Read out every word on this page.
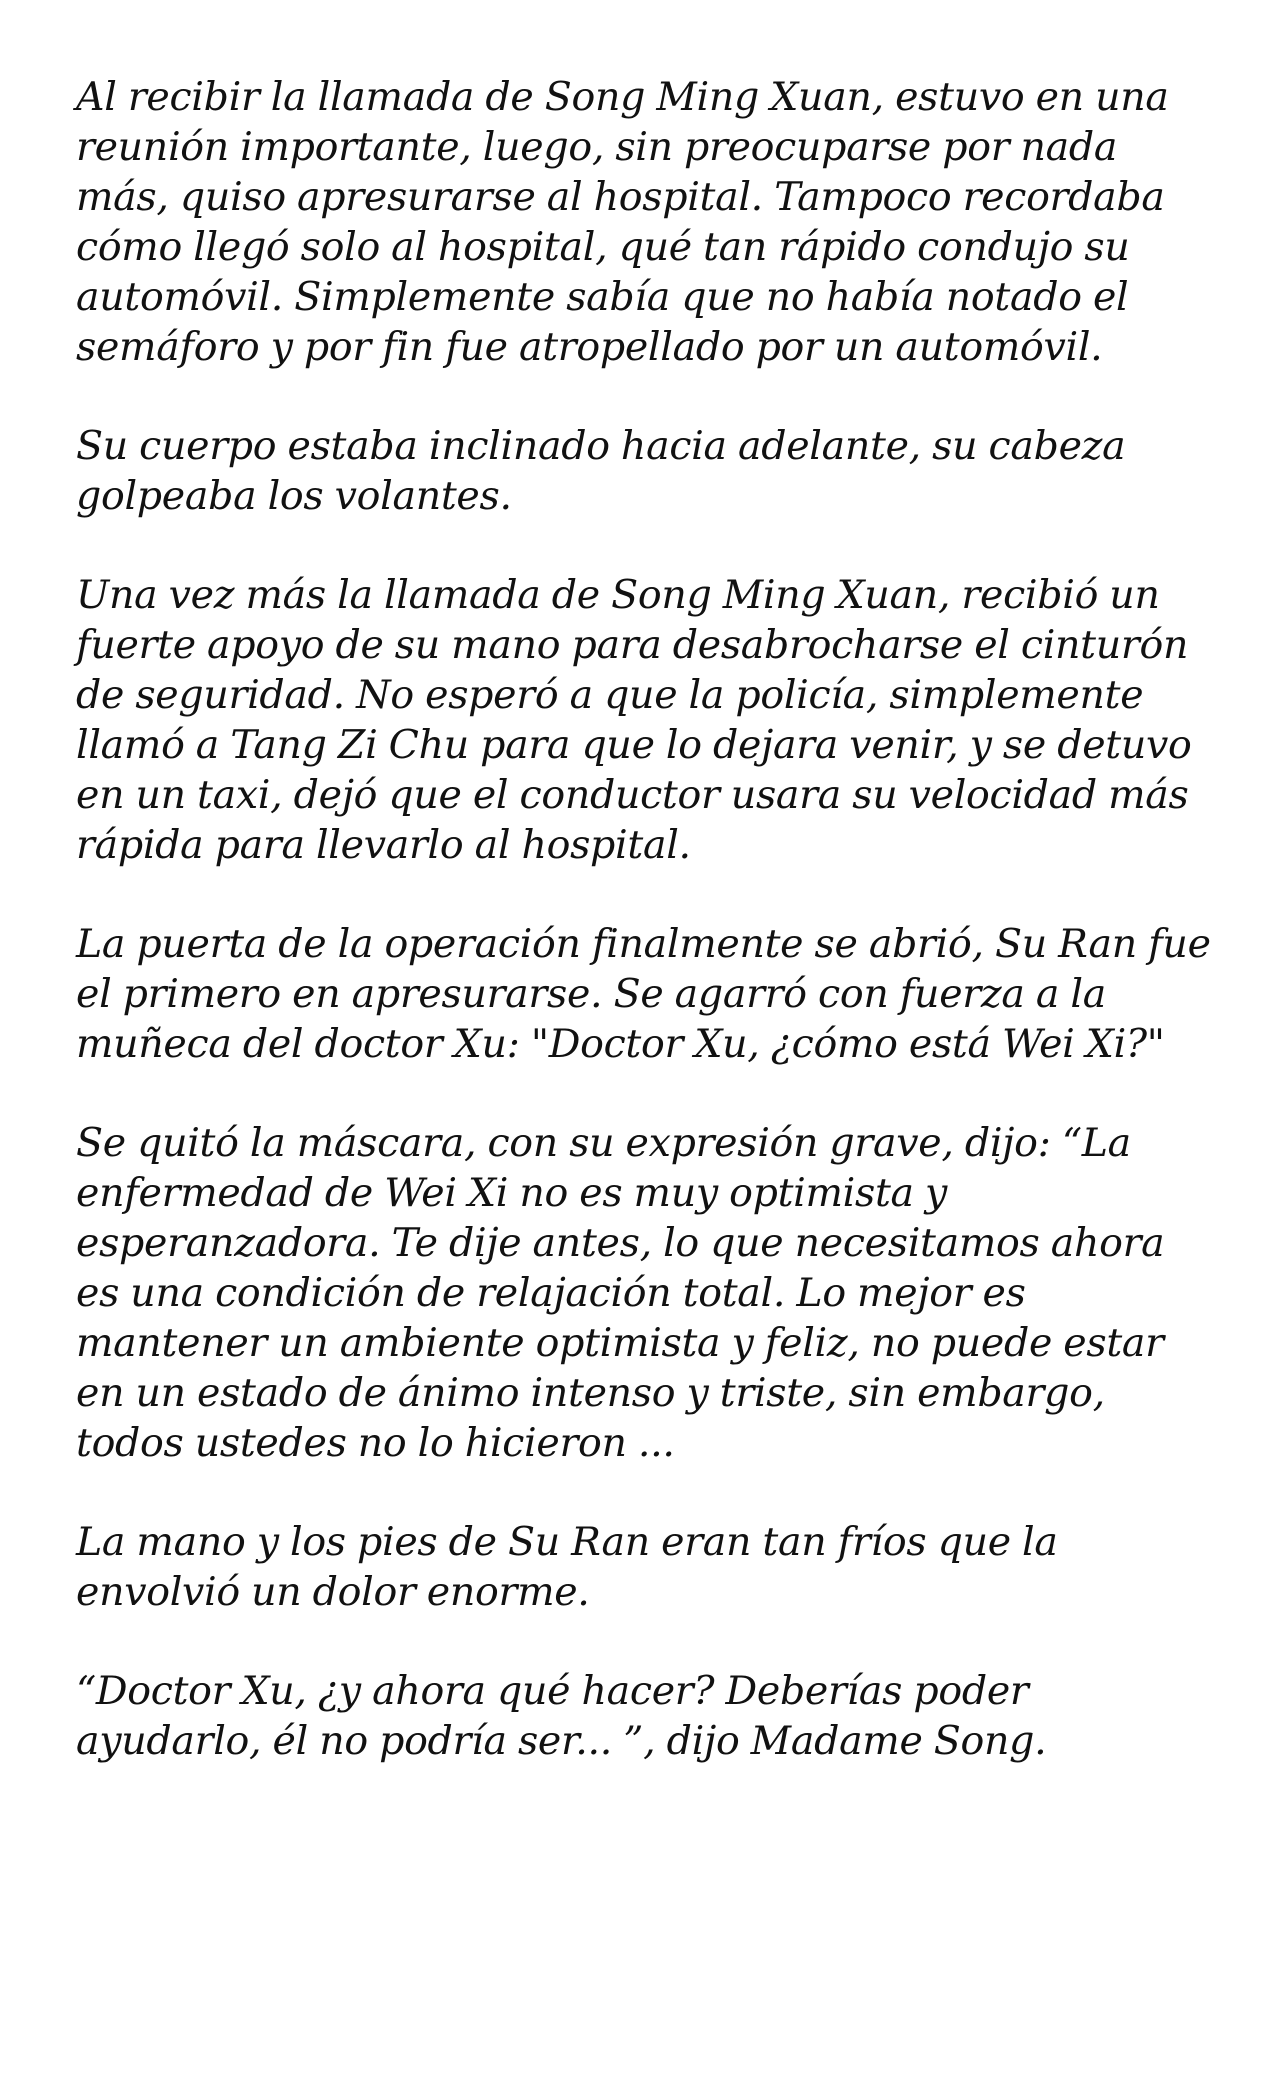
Al recibir la llamada de Song Ming Xuan, estuvo en una reunión importante, luego, sin preocuparse por nada más, quiso apresurarse al hospital. Tampoco recordaba cómo llegó solo al hospital, qué tan rápido condujo su automóvil. Simplemente sabía que no había notado el semáforo y por fin fue atropellado por un automóvil.

Su cuerpo estaba inclinado hacia adelante, su cabeza golpeaba los volantes.

Una vez más la llamada de Song Ming Xuan, recibió un fuerte apoyo de su mano para desabrocharse el cinturón de seguridad. No esperó a que la policía, simplemente llamó a Tang Zi Chu para que lo dejara venir, y se detuvo en un taxi, dejó que el conductor usara su velocidad más rápida para llevarlo al hospital.

La puerta de la operación finalmente se abrió, Su Ran fue el primero en apresurarse. Se agarró con fuerza a la muñeca del doctor Xu: "Doctor Xu, ¿cómo está Wei Xi?"

Se quitó la máscara, con su expresión grave, dijo: “La enfermedad de Wei Xi no es muy optimista y esperanzadora. Te dije antes, lo que necesitamos ahora es una condición de relajación total. Lo mejor es mantener un ambiente optimista y feliz, no puede estar en un estado de ánimo intenso y triste, sin embargo, todos ustedes no lo hicieron ...

La mano y los pies de Su Ran eran tan fríos que la envolvió un dolor enorme.

“Doctor Xu, ¿y ahora qué hacer? Deberías poder ayudarlo, él no podría ser... ”, dijo Madame Song.
